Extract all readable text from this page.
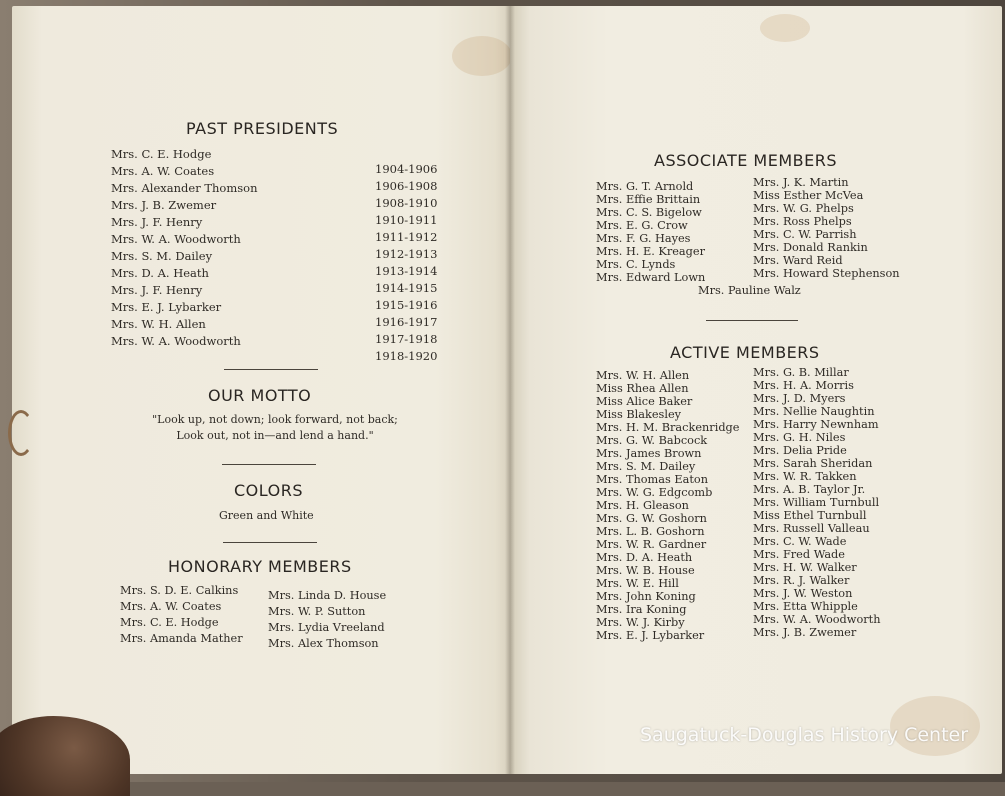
PAST PRESIDENTS
Mrs. C. E. Hodge
Mrs. A. W. Coates
Mrs. Alexander Thomson
Mrs. J. B. Zwemer
Mrs. J. F. Henry
Mrs. W. A. Woodworth
Mrs. S. M. Dailey
Mrs. D. A. Heath
Mrs. J. F. Henry
Mrs. E. J. Lybarker
Mrs. W. H. Allen
Mrs. W. A. Woodworth
1904-1906
1906-1908
1908-1910
1910-1911
1911-1912
1912-1913
1913-1914
1914-1915
1915-1916
1916-1917
1917-1918
1918-1920
OUR MOTTO
"Look up, not down; look forward, not back;
Look out, not in—and lend a hand."
COLORS
Green and White
HONORARY MEMBERS
Mrs. S. D. E. Calkins
Mrs. A. W. Coates
Mrs. C. E. Hodge
Mrs. Amanda Mather
Mrs. Linda D. House
Mrs. W. P. Sutton
Mrs. Lydia Vreeland
Mrs. Alex Thomson
ASSOCIATE MEMBERS
Mrs. G. T. Arnold
Mrs. Effie Brittain
Mrs. C. S. Bigelow
Mrs. E. G. Crow
Mrs. F. G. Hayes
Mrs. H. E. Kreager
Mrs. C. Lynds
Mrs. Edward Lown
Mrs. J. K. Martin
Miss Esther McVea
Mrs. W. G. Phelps
Mrs. Ross Phelps
Mrs. C. W. Parrish
Mrs. Donald Rankin
Mrs. Ward Reid
Mrs. Howard Stephenson
Mrs. Pauline Walz
ACTIVE MEMBERS
Mrs. W. H. Allen
Miss Rhea Allen
Miss Alice Baker
Miss Blakesley
Mrs. H. M. Brackenridge
Mrs. G. W. Babcock
Mrs. James Brown
Mrs. S. M. Dailey
Mrs. Thomas Eaton
Mrs. W. G. Edgcomb
Mrs. H. Gleason
Mrs. G. W. Goshorn
Mrs. L. B. Goshorn
Mrs. W. R. Gardner
Mrs. D. A. Heath
Mrs. W. B. House
Mrs. W. E. Hill
Mrs. John Koning
Mrs. Ira Koning
Mrs. W. J. Kirby
Mrs. E. J. Lybarker
Mrs. G. B. Millar
Mrs. H. A. Morris
Mrs. J. D. Myers
Mrs. Nellie Naughtin
Mrs. Harry Newnham
Mrs. G. H. Niles
Mrs. Delia Pride
Mrs. Sarah Sheridan
Mrs. W. R. Takken
Mrs. A. B. Taylor Jr.
Mrs. William Turnbull
Miss Ethel Turnbull
Mrs. Russell Valleau
Mrs. C. W. Wade
Mrs. Fred Wade
Mrs. H. W. Walker
Mrs. R. J. Walker
Mrs. J. W. Weston
Mrs. Etta Whipple
Mrs. W. A. Woodworth
Mrs. J. B. Zwemer
Saugatuck-Douglas History Center
